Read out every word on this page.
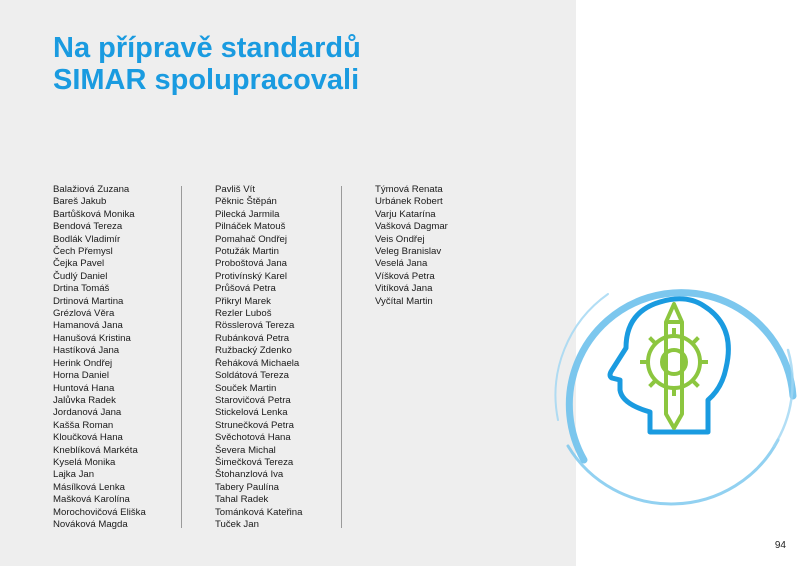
Na přípravě standardů
SIMAR spolupracovali
Balažiová Zuzana
Bareš Jakub
Bartůšková Monika
Bendová Tereza
Bodlák Vladimír
Čech Přemysl
Čejka Pavel
Čudlý Daniel
Drtina Tomáš
Drtinová Martina
Grézlová Věra
Hamanová Jana
Hanušová Kristina
Hastíková Jana
Herink Ondřej
Horna Daniel
Huntová Hana
Jalůvka Radek
Jordanová Jana
Kašša Roman
Kloučková Hana
Kneblíková Markéta
Kyselá Monika
Lajka Jan
Másílková Lenka
Mašková Karolína
Morochovičová Eliška
Nováková Magda
Pavliš Vít
Pěknic Štěpán
Pilecká Jarmila
Pilnáček Matouš
Pomahač Ondřej
Potužák Martin
Proboštová Jana
Protivínský Karel
Průšová Petra
Přikryl Marek
Rezler Luboš
Rösslerová Tereza
Rubánková Petra
Ružbacký Zdenko
Řeháková Michaela
Soldátová Tereza
Souček Martin
Starovičová Petra
Stickelová Lenka
Strunečková Petra
Svěchotová Hana
Ševera Michal
Šimečková Tereza
Štohanzlová Iva
Tabery Paulína
Tahal Radek
Tománková Kateřina
Tuček Jan
Týmová Renata
Urbánek Robert
Varju Katarína
Vašková Dagmar
Veis Ondřej
Veleg Branislav
Veselá Jana
Víšková Petra
Vitíková Jana
Vyčítal Martin
94
